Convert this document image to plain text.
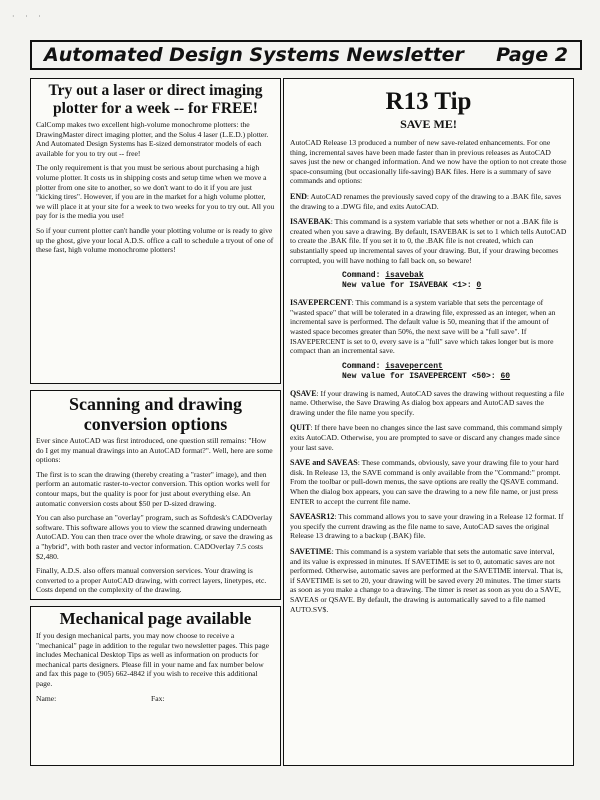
· · ·
Automated Design Systems Newsletter Page 2
Try out a laser or direct imaging plotter for a week -- for FREE!

CalComp makes two excellent high-volume monochrome plotters: the DrawingMaster direct imaging plotter, and the Solus 4 laser (L.E.D.) plotter. And Automated Design Systems has E-sized demonstrator models of each available for you to try out -- free!

The only requirement is that you must be serious about purchasing a high volume plotter. It costs us in shipping costs and setup time when we move a plotter from one site to another, so we don't want to do it if you are just "kicking tires". However, if you are in the market for a high volume plotter, we will place it at your site for a week to two weeks for you to try out. All you pay for is the media you use!

So if your current plotter can't handle your plotting volume or is ready to give up the ghost, give your local A.D.S. office a call to schedule a tryout of one of these fast, high volume monochrome plotters!

Scanning and drawing conversion options

Ever since AutoCAD was first introduced, one question still remains: "How do I get my manual drawings into an AutoCAD format?". Well, here are some options:

The first is to scan the drawing (thereby creating a "raster" image), and then perform an automatic raster-to-vector conversion. This option works well for contour maps, but the quality is poor for just about everything else. An automatic conversion costs about $50 per D-sized drawing.

You can also purchase an "overlay" program, such as Softdesk's CADOverlay software. This software allows you to view the scanned drawing underneath AutoCAD. You can then trace over the whole drawing, or save the drawing as a "hybrid", with both raster and vector information. CADOverlay 7.5 costs $2,480.

Finally, A.D.S. also offers manual conversion services. Your drawing is converted to a proper AutoCAD drawing, with correct layers, linetypes, etc. Costs depend on the complexity of the drawing.

Mechanical page available

If you design mechanical parts, you may now choose to receive a "mechanical" page in addition to the regular two newsletter pages. This page includes Mechanical Desktop Tips as well as information on products for mechanical parts designers. Please fill in your name and fax number below and fax this page to (905) 662-4842 if you wish to receive this additional page.

Name:	Fax:
R13 Tip
SAVE ME!

AutoCAD Release 13 produced a number of new save-related enhancements. For one thing, incremental saves have been made faster than in previous releases as AutoCAD saves just the new or changed information. And we now have the option to not create those space-consuming (but occasionally life-saving) BAK files. Here is a summary of save commands and options:

END: AutoCAD renames the previously saved copy of the drawing to a .BAK file, saves the drawing to a .DWG file, and exits AutoCAD.

ISAVEBAK: This command is a system variable that sets whether or not a .BAK file is created when you save a drawing. By default, ISAVEBAK is set to 1 which tells AutoCAD to create the .BAK file. If you set it to 0, the .BAK file is not created, which can substantially speed up incremental saves of your drawing. But, if your drawing becomes corrupted, you will have nothing to fall back on, so beware!

Command: isavebak
New value for ISAVEBAK <1>: 0

ISAVEPERCENT: This command is a system variable that sets the percentage of "wasted space" that will be tolerated in a drawing file, expressed as an integer, when an incremental save is performed. The default value is 50, meaning that if the amount of wasted space becomes greater than 50%, the next save will be a "full save". If ISAVEPERCENT is set to 0, every save is a "full" save which takes longer but is more compact than an incremental save.

Command: isavepercent
New value for ISAVEPERCENT <50>: 60

QSAVE: If your drawing is named, AutoCAD saves the drawing without requesting a file name. Otherwise, the Save Drawing As dialog box appears and AutoCAD saves the drawing under the file name you specify.

QUIT: If there have been no changes since the last save command, this command simply exits AutoCAD. Otherwise, you are prompted to save or discard any changes made since your last save.

SAVE and SAVEAS: These commands, obviously, save your drawing file to your hard disk. In Release 13, the SAVE command is only available from the "Command:" prompt. From the toolbar or pull-down menus, the save options are really the QSAVE command. When the dialog box appears, you can save the drawing to a new file name, or just press ENTER to accept the current file name.

SAVEASR12: This command allows you to save your drawing in a Release 12 format. If you specify the current drawing as the file name to save, AutoCAD saves the original Release 13 drawing to a backup (.BAK) file.

SAVETIME: This command is a system variable that sets the automatic save interval, and its value is expressed in minutes. If SAVETIME is set to 0, automatic saves are not performed. Otherwise, automatic saves are performed at the SAVETIME interval. That is, if SAVETIME is set to 20, your drawing will be saved every 20 minutes. The timer starts as soon as you make a change to a drawing. The timer is reset as soon as you do a SAVE, SAVEAS or QSAVE. By default, the drawing is automatically saved to a file named AUTO.SV$.
